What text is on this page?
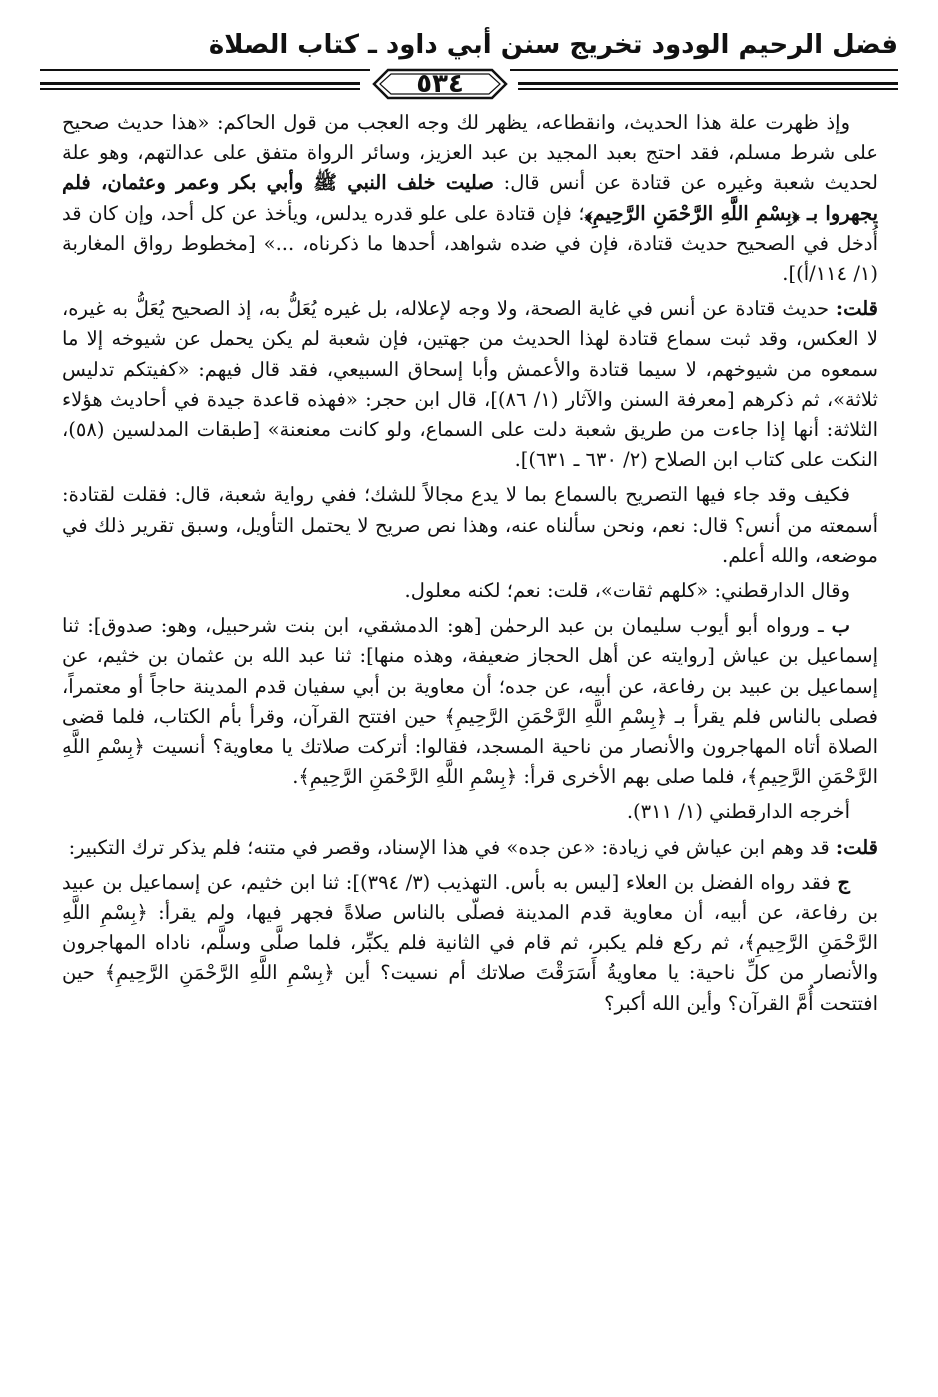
فضل الرحيم الودود تخريج سنن أبي داود ـ كتاب الصلاة
٥٣٤

وإذ ظهرت علة هذا الحديث، وانقطاعه، يظهر لك وجه العجب من قول الحاكم: «هذا حديث صحيح على شرط مسلم، فقد احتج بعبد المجيد بن عبد العزيز، وسائر الرواة متفق على عدالتهم، وهو علة لحديث شعبة وغيره عن قتادة عن أنس قال: صليت خلف النبي ﷺ وأبي بكر وعمر وعثمان، فلم يجهروا بـ ﴿بِسْمِ اللَّهِ الرَّحْمَنِ الرَّحِيمِ﴾؛ فإن قتادة على علو قدره يدلس، ويأخذ عن كل أحد، وإن كان قد أُدخل في الصحيح حديث قتادة، فإن في ضده شواهد، أحدها ما ذكرناه، ...» [مخطوط رواق المغاربة (١/ ١١٤/أ)].

قلت: حديث قتادة عن أنس في غاية الصحة، ولا وجه لإعلاله، بل غيره يُعَلُّ به، إذ الصحيح يُعَلُّ به غيره، لا العكس، وقد ثبت سماع قتادة لهذا الحديث من جهتين، فإن شعبة لم يكن يحمل عن شيوخه إلا ما سمعوه من شيوخهم، لا سيما قتادة والأعمش وأبا إسحاق السبيعي، فقد قال فيهم: «كفيتكم تدليس ثلاثة»، ثم ذكرهم [معرفة السنن والآثار (١/ ٨٦)]، قال ابن حجر: «فهذه قاعدة جيدة في أحاديث هؤلاء الثلاثة: أنها إذا جاءت من طريق شعبة دلت على السماع، ولو كانت معنعنة» [طبقات المدلسين (٥٨)، النكت على كتاب ابن الصلاح (٢/ ٦٣٠ ـ ٦٣١)].

فكيف وقد جاء فيها التصريح بالسماع بما لا يدع مجالاً للشك؛ ففي رواية شعبة، قال: فقلت لقتادة: أسمعته من أنس؟ قال: نعم، ونحن سألناه عنه، وهذا نص صريح لا يحتمل التأويل، وسبق تقرير ذلك في موضعه، والله أعلم.

وقال الدارقطني: «كلهم ثقات»، قلت: نعم؛ لكنه معلول.

ب ـ ورواه أبو أيوب سليمان بن عبد الرحمٰن [هو: الدمشقي، ابن بنت شرحبيل، وهو: صدوق]: ثنا إسماعيل بن عياش [روايته عن أهل الحجاز ضعيفة، وهذه منها]: ثنا عبد الله بن عثمان بن خثيم، عن إسماعيل بن عبيد بن رفاعة، عن أبيه، عن جده؛ أن معاوية بن أبي سفيان قدم المدينة حاجاً أو معتمراً، فصلى بالناس فلم يقرأ بـ ﴿بِسْمِ اللَّهِ الرَّحْمَنِ الرَّحِيمِ﴾ حين افتتح القرآن، وقرأ بأم الكتاب، فلما قضى الصلاة أتاه المهاجرون والأنصار من ناحية المسجد، فقالوا: أتركت صلاتك يا معاوية؟ أنسيت ﴿بِسْمِ اللَّهِ الرَّحْمَنِ الرَّحِيمِ﴾، فلما صلى بهم الأخرى قرأ: ﴿بِسْمِ اللَّهِ الرَّحْمَنِ الرَّحِيمِ﴾.

أخرجه الدارقطني (١/ ٣١١).

قلت: قد وهم ابن عياش في زيادة: «عن جده» في هذا الإسناد، وقصر في متنه؛ فلم يذكر ترك التكبير:

ج فقد رواه الفضل بن العلاء [ليس به بأس. التهذيب (٣/ ٣٩٤)]: ثنا ابن خثيم، عن إسماعيل بن عبيد بن رفاعة، عن أبيه، أن معاوية قدم المدينة فصلّى بالناس صلاةً فجهر فيها، ولم يقرأ: ﴿بِسْمِ اللَّهِ الرَّحْمَنِ الرَّحِيمِ﴾، ثم ركع فلم يكبر، ثم قام في الثانية فلم يكبِّر، فلما صلَّى وسلَّم، ناداه المهاجرون والأنصار من كلِّ ناحية: يا معاويةُ أَسَرَقْتَ صلاتك أم نسيت؟ أين ﴿بِسْمِ اللَّهِ الرَّحْمَنِ الرَّحِيمِ﴾ حين افتتحت أُمَّ القرآن؟ وأين الله أكبر؟
